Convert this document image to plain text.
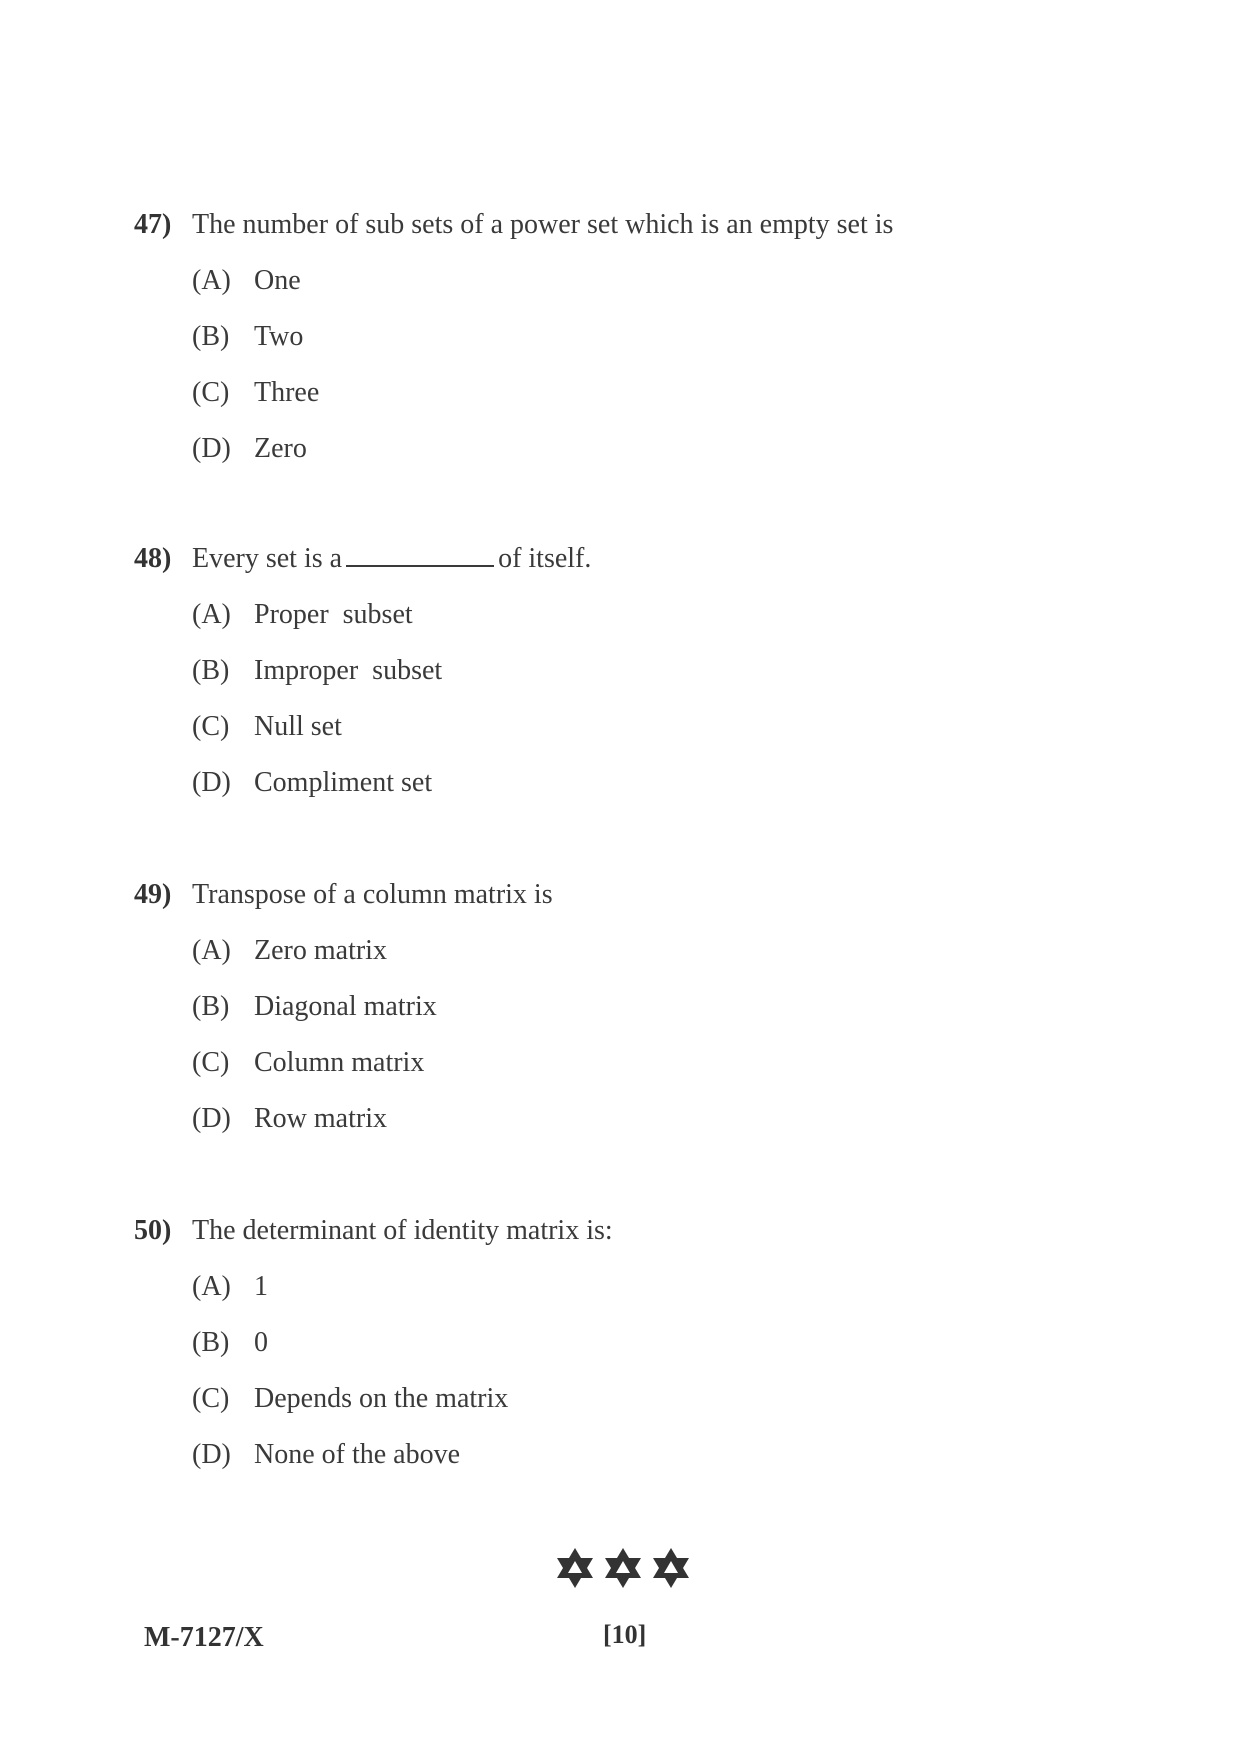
47) The number of sub sets of a power set which is an empty set is
(A) One
(B) Two
(C) Three
(D) Zero
48) Every set is a	of itself.
(A) Proper  subset
(B) Improper  subset
(C) Null set
(D) Compliment set
49) Transpose of a column matrix is
(A) Zero matrix
(B) Diagonal matrix
(C) Column matrix
(D) Row matrix
50) The determinant of identity matrix is:
(A) 1
(B) 0
(C) Depends on the matrix
(D) None of the above
M-7127/X	[10]
